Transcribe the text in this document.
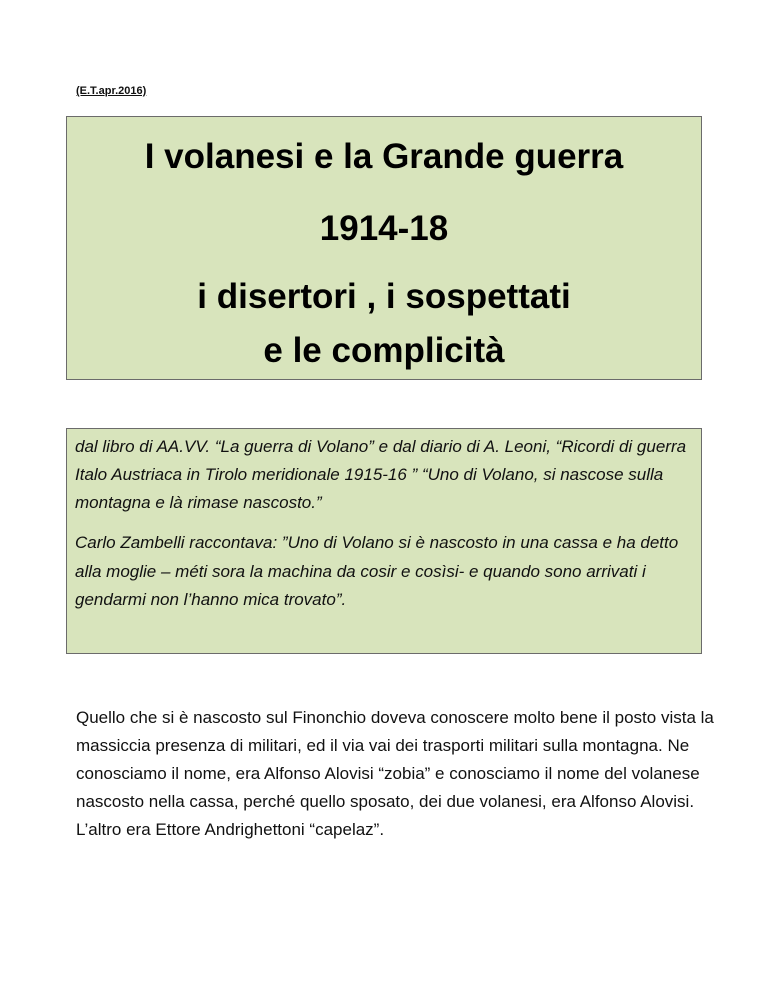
(E.T.apr.2016)
I volanesi e la Grande guerra
1914-18
i disertori , i sospettati
e le complicità

dal libro di AA.VV. “La guerra di Volano” e dal diario di A. Leoni, “Ricordi di guerra Italo Austriaca in Tirolo meridionale 1915-16 ” “Uno di Volano, si nascose sulla montagna e là rimase nascosto.”

Carlo Zambelli raccontava: ”Uno di Volano si è nascosto in una cassa e ha detto alla moglie – méti sora la machina da cosir e cosìsi- e quando sono arrivati i gendarmi non l’hanno mica trovato”.

Quello che si è nascosto sul Finonchio doveva conoscere molto bene il posto vista la massiccia presenza di militari, ed il via vai dei trasporti militari sulla montagna. Ne conosciamo il nome, era Alfonso Alovisi “zobia” e conosciamo il nome del volanese nascosto nella cassa, perché quello sposato, dei due volanesi, era Alfonso Alovisi. L’altro era Ettore Andrighettoni “capelaz”.
